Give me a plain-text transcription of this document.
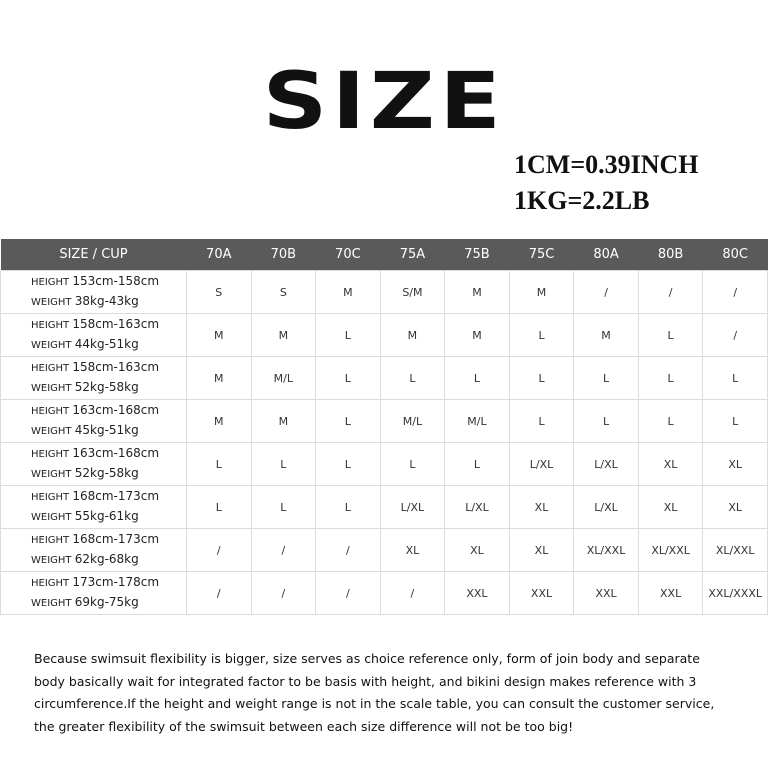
SIZE
1CM=0.39INCH
1KG=2.2LB
SIZE / CUP	70A	70B	70C	75A	75B	75C	80A	80B	80C

HEIGHT 153cm-158cm
WEIGHT 38kg-43kg	S	S	M	S/M	M	M	/	/	/

HEIGHT 158cm-163cm
WEIGHT 44kg-51kg	M	M	L	M	M	L	M	L	/

HEIGHT 158cm-163cm
WEIGHT 52kg-58kg	M	M/L	L	L	L	L	L	L	L

HEIGHT 163cm-168cm
WEIGHT 45kg-51kg	M	M	L	M/L	M/L	L	L	L	L

HEIGHT 163cm-168cm
WEIGHT 52kg-58kg	L	L	L	L	L	L/XL	L/XL	XL	XL

HEIGHT 168cm-173cm
WEIGHT 55kg-61kg	L	L	L	L/XL	L/XL	XL	L/XL	XL	XL

HEIGHT 168cm-173cm
WEIGHT 62kg-68kg	/	/	/	XL	XL	XL	XL/XXL	XL/XXL	XL/XXL

HEIGHT 173cm-178cm
WEIGHT 69kg-75kg	/	/	/	/	XXL	XXL	XXL	XXL	XXL/XXXL
Because swimsuit flexibility is bigger, size serves as choice reference only, form of join body and separate body basically wait for integrated factor to be basis with height, and bikini design makes reference with 3 circumference.If the height and weight range is not in the scale table, you can consult the customer service, the greater flexibility of the swimsuit between each size difference will not be too big!
